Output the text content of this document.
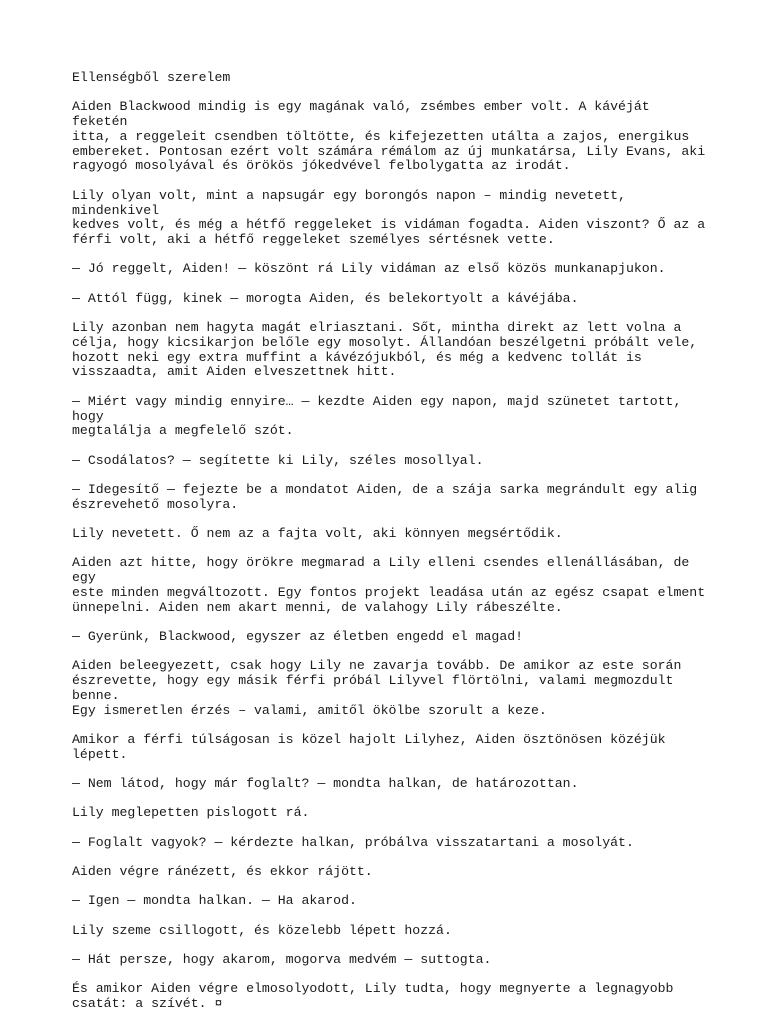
Ellenségből szerelem

Aiden Blackwood mindig is egy magának való, zsémbes ember volt. A kávéját feketén
itta, a reggeleit csendben töltötte, és kifejezetten utálta a zajos, energikus
embereket. Pontosan ezért volt számára rémálom az új munkatársa, Lily Evans, aki
ragyogó mosolyával és örökös jókedvével felbolygatta az irodát.

Lily olyan volt, mint a napsugár egy borongós napon – mindig nevetett, mindenkivel
kedves volt, és még a hétfő reggeleket is vidáman fogadta. Aiden viszont? Ő az a
férfi volt, aki a hétfő reggeleket személyes sértésnek vette.

— Jó reggelt, Aiden! — köszönt rá Lily vidáman az első közös munkanapjukon.

— Attól függ, kinek — morogta Aiden, és belekortyolt a kávéjába.

Lily azonban nem hagyta magát elriasztani. Sőt, mintha direkt az lett volna a
célja, hogy kicsikarjon belőle egy mosolyt. Állandóan beszélgetni próbált vele,
hozott neki egy extra muffint a kávézójukból, és még a kedvenc tollát is
visszaadta, amit Aiden elveszettnek hitt.

— Miért vagy mindig ennyire… — kezdte Aiden egy napon, majd szünetet tartott, hogy
megtalálja a megfelelő szót.

— Csodálatos? — segítette ki Lily, széles mosollyal.

— Idegesítő — fejezte be a mondatot Aiden, de a szája sarka megrándult egy alig
észrevehető mosolyra.

Lily nevetett. Ő nem az a fajta volt, aki könnyen megsértődik.

Aiden azt hitte, hogy örökre megmarad a Lily elleni csendes ellenállásában, de egy
este minden megváltozott. Egy fontos projekt leadása után az egész csapat elment
ünnepelni. Aiden nem akart menni, de valahogy Lily rábeszélte.

— Gyerünk, Blackwood, egyszer az életben engedd el magad!

Aiden beleegyezett, csak hogy Lily ne zavarja tovább. De amikor az este során
észrevette, hogy egy másik férfi próbál Lilyvel flörtölni, valami megmozdult benne.
Egy ismeretlen érzés – valami, amitől ökölbe szorult a keze.

Amikor a férfi túlságosan is közel hajolt Lilyhez, Aiden ösztönösen közéjük lépett.

— Nem látod, hogy már foglalt? — mondta halkan, de határozottan.

Lily meglepetten pislogott rá.

— Foglalt vagyok? — kérdezte halkan, próbálva visszatartani a mosolyát.

Aiden végre ránézett, és ekkor rájött.

— Igen — mondta halkan. — Ha akarod.

Lily szeme csillogott, és közelebb lépett hozzá.

— Hát persze, hogy akarom, mogorva medvém — suttogta.

És amikor Aiden végre elmosolyodott, Lily tudta, hogy megnyerte a legnagyobb
csatát: a szívét. ¤
